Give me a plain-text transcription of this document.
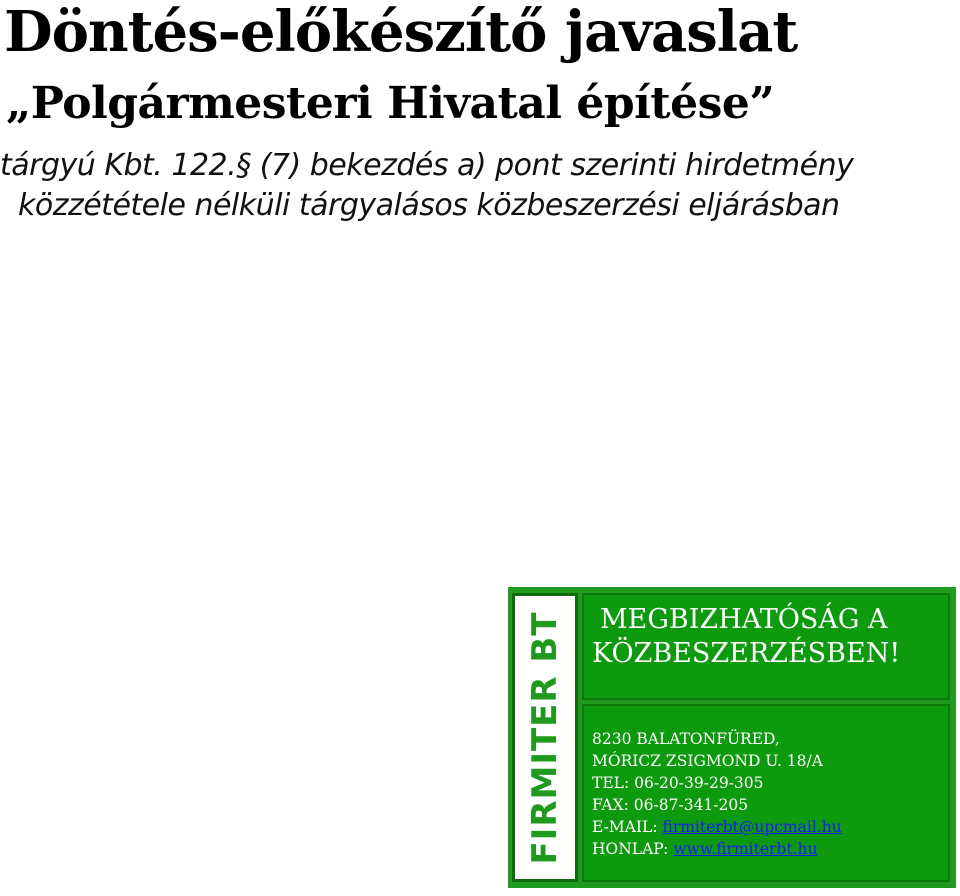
Döntés-előkészítő javaslat
„Polgármesteri Hivatal építése”
tárgyú Kbt. 122.§ (7) bekezdés a) pont szerinti hirdetmény
közzététele nélküli tárgyalásos közbeszerzési eljárásban
FIRMITER BT MEGBIZHATÓSÁG A
KÖZBESZERZÉSBEN!
8230 BALATONFÜRED,
MÓRICZ ZSIGMOND U. 18/A
TEL: 06-20-39-29-305
FAX: 06-87-341-205
E-MAIL: firmiterbt@upcmail.hu
HONLAP: www.firmiterbt.hu
